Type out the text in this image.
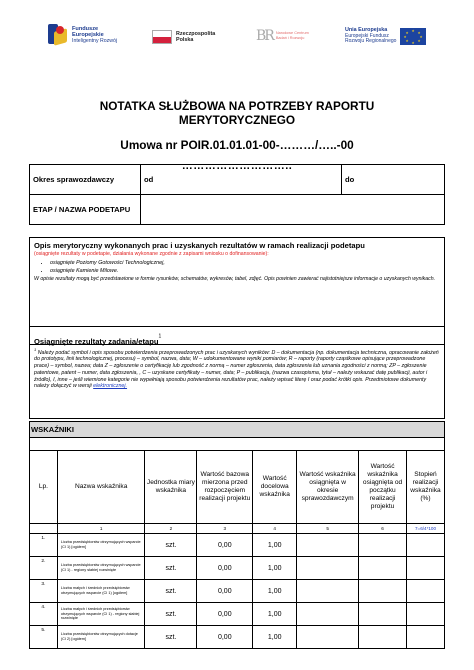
Fundusze
Europejskie
Inteligentny Rozwój
Rzeczpospolita
Polska	BR Narodowe Centrum
Badań i Rozwoju
Unia Europejska
Europejski Fundusz
Rozwoju Regionalnego
★ ★
★
★
★
★
★
★
NOTATKA SŁUŻBOWA NA POTRZEBY RAPORTU
MERYTORYCZNEGO
Umowa nr POIR.01.01.01-00-………/…..-00
………………………..
Okres sprawozdawczy	od		do	
ETAP / NAZWA PODETAPU				
Opis merytoryczny wykonanych prac i uzyskanych rezultatów w ramach realizacji podetapu
(osiągnięte rezultaty w podetapie, działania wykonane zgodnie z zapisami wniosku o dofinansowanie):
• osiągnięte Poziomy Gotowości Technologicznej,
• osiągnięte Kamienie Milowe.
W opisie rezultaty mogą być przedstawione w formie rysunków, schematów, wykresów, tabel, zdjęć. Opis powinien zawierać najistotniejsze informacje o uzyskanych wynikach.
Osiągnięte rezultaty zadania/etapu$^1$
$^1$ Należy podać symbol i opis sposobu potwierdzenia przeprowadzonych prac i uzyskanych wyników: D – dokumentacja (np. dokumentacja techniczna, opracowanie założeń do prototypu, linii technologicznej, procesu) – symbol, nazwa, data; W – udokumentowane wyniki pomiarów; R – raporty (raporty cząstkowe opisujące przeprowadzone prace) – symbol, nazwa; data Z – zgłoszenie o certyfikację lub zgodność z normą – numer zgłoszenia, data zgłoszenia lub uznania zgodności z normą; ZP – zgłoszenie patentowe, patent – numer, data zgłoszenia, , C – uzyskane certyfikaty – numer, data; P – publikacja, (nazwa czasopisma, tytuł – należy wskazać datę publikacji, autor i źródło), I, inne – jeśli wiemione kategorie nie wypełniają sposobu potwierdzenia rezultatów prac, należy wpisać literę I oraz podać krótki opis. Przedmiotowe dokumenty należy dołączyć w wersji elektronicznej.
WSKAŹNIKI							

Lp.	Nazwa wskaźnika	Jednostka miary wskaźnika	Wartość bazowa mierzona przed rozpoczęciem realizacji projektu	Wartość docelowa wskaźnika	Wartość wskaźnika osiągnięta w okresie sprawozdawczym	Wartość wskaźnika osiągnięta od początku realizacji projektu	Stopień realizacji wskaźnika (%)
	1	2	3	4	5	6	7=6/4*100
1.	Liczba przedsiębiorstw otrzymujących wsparcie (CI 1) [ogółem]	szt.	0,00	1,00			
2.	Liczba przedsiębiorstw otrzymujących wsparcie (CI 1) - regiony słabiej rozwinięte	szt.	0,00	1,00			
3.	Liczba małych i średnich przedsiębiorstw otrzymujących wsparcie (CI 1) [ogółem]	szt.	0,00	1,00			
4.	Liczba małych i średnich przedsiębiorstw otrzymujących wsparcie (CI 1) - regiony słabiej rozwinięte	szt.	0,00	1,00			
5.	Liczba przedsiębiorstw otrzymujących dotacje (CI 2) [ogółem]	szt.	0,00	1,00			
